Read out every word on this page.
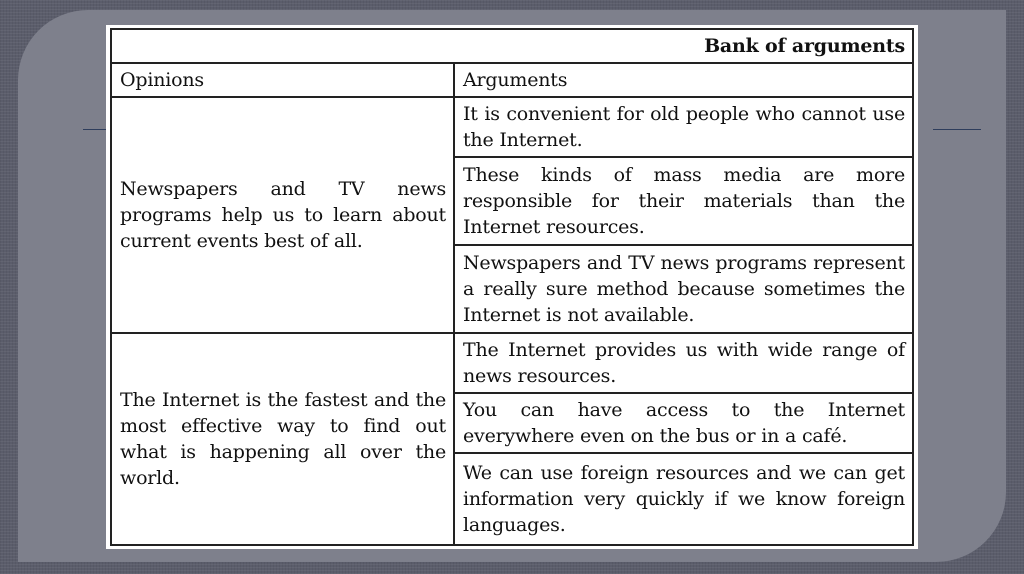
Bank of arguments	
Opinions	Arguments
Newspapers and TV news programs help us to learn about current events best of all.	It is convenient for old people who cannot use the Internet.
	These kinds of mass media are more responsible for their materials than the Internet resources.
	Newspapers and TV news programs represent a really sure method because sometimes the Internet is not available.
The Internet is the fastest and the most effective way to find out what is happening all over the world.	The Internet provides us with wide range of news resources.
	You can have access to the Internet everywhere even on the bus or in a café.
	We can use foreign resources and we can get information very quickly if we know foreign languages.
